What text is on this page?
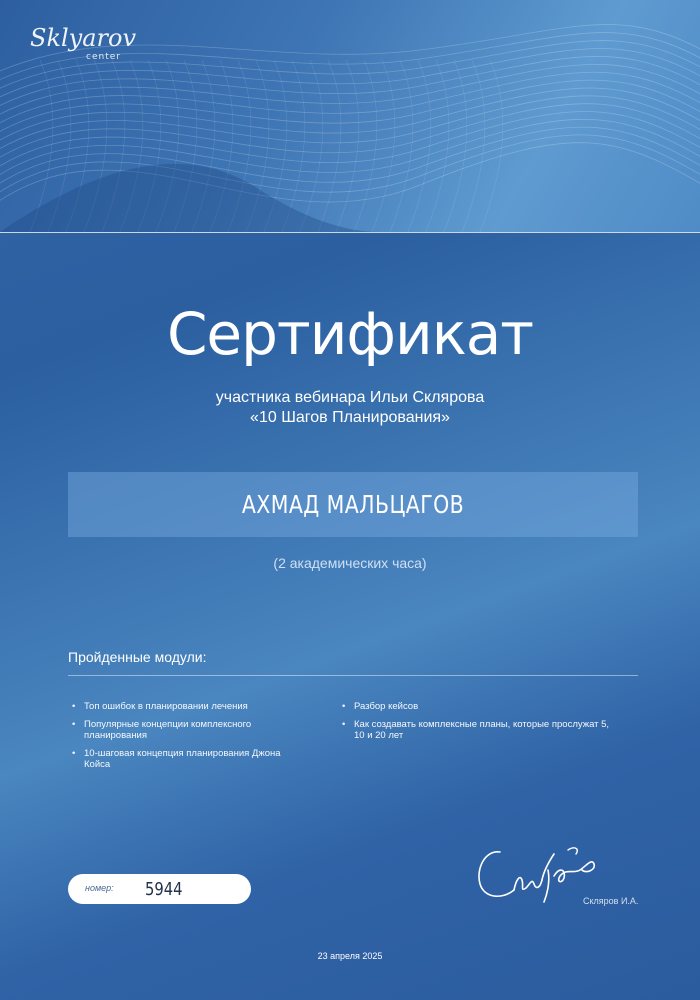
Sklyarov
center
Сертификат
участника вебинара Ильи Склярова
«10 Шагов Планирования»
АХМАД МАЛЬЦАГОВ
(2 академических часа)
Пройденные модули:
• Топ ошибок в планировании лечения
• Популярные концепции комплексного планирования
• 10-шаговая концепция планирования Джона Койса
• Разбор кейсов
• Как создавать комплексные планы, которые прослужат 5, 10 и 20 лет
номер: 5944
Скляров И.А.
23 апреля 2025
